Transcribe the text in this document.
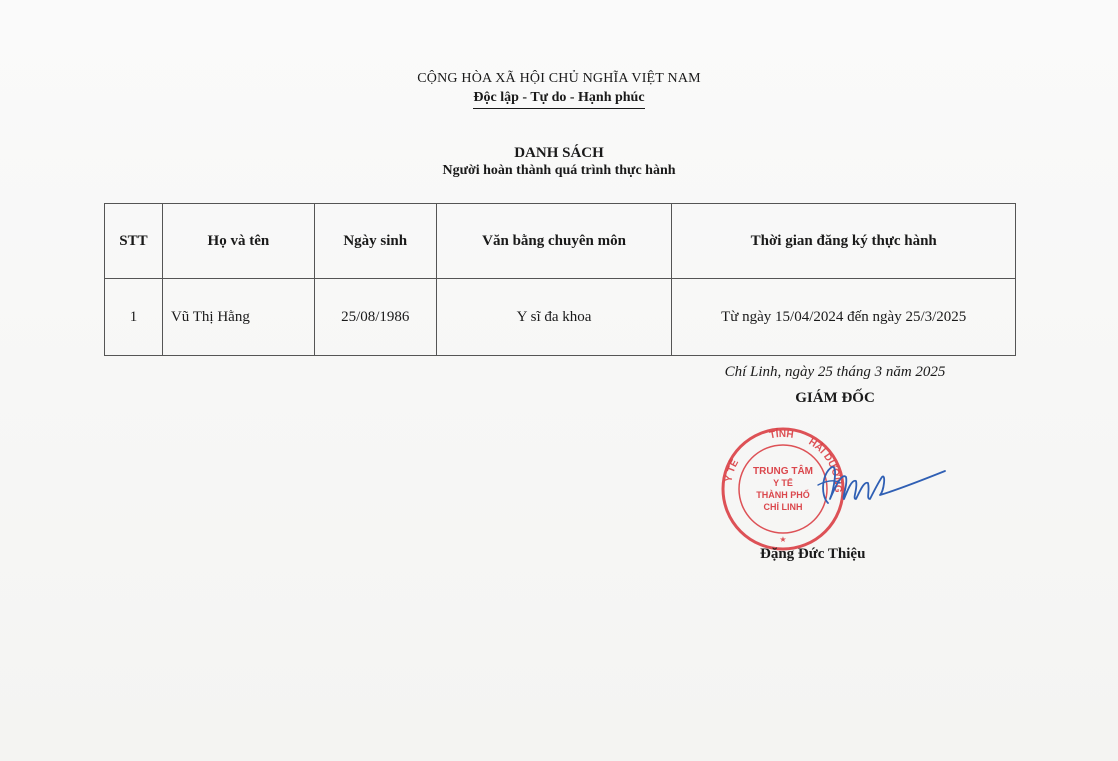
CỘNG HÒA XÃ HỘI CHỦ NGHĨA VIỆT NAM
Độc lập - Tự do - Hạnh phúc
DANH SÁCH
Người hoàn thành quá trình thực hành
STT	Họ và tên	Ngày sinh	Văn bằng chuyên môn	Thời gian đăng ký thực hành
1	Vũ Thị Hằng	25/08/1986	Y sĩ đa khoa	Từ ngày 15/04/2024 đến ngày 25/3/2025
Chí Linh, ngày 25 tháng 3 năm 2025
GIÁM ĐỐC
Y TẾ
TỈNH
HẢI DƯƠNG
TRUNG TÂM
Y TẾ
THÀNH PHỐ
CHÍ LINH
★
Đặng Đức Thiệu
